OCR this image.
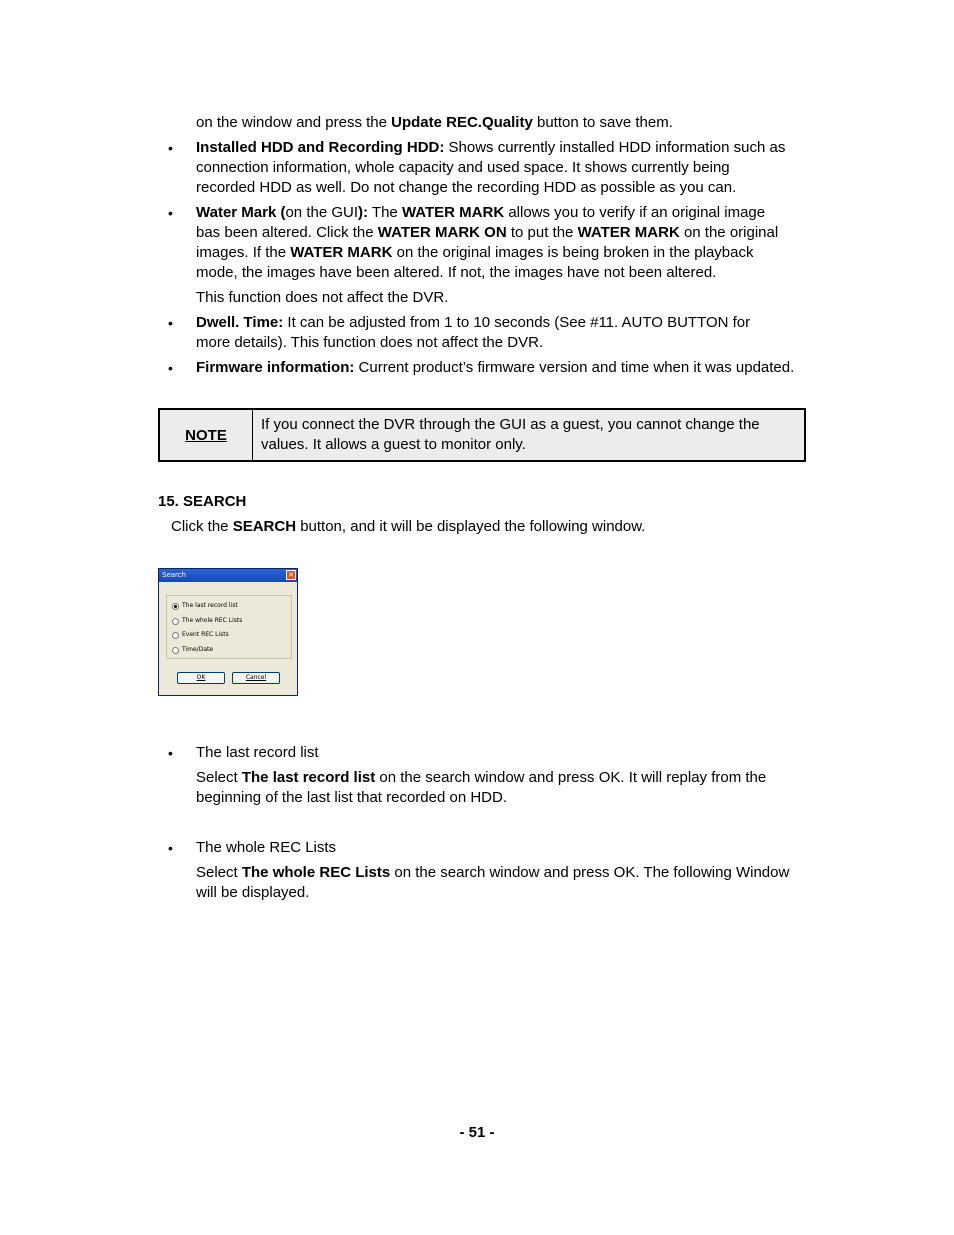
on the window and press the Update REC.Quality button to save them.
• Installed HDD and Recording HDD: Shows currently installed HDD information such as
connection information, whole capacity and used space. It shows currently being
recorded HDD as well. Do not change the recording HDD as possible as you can.
• Water Mark (on the GUI): The WATER MARK allows you to verify if an original image
bas been altered. Click the WATER MARK ON to put the WATER MARK on the original
images. If the WATER MARK on the original images is being broken in the playback
mode, the images have been altered. If not, the images have not been altered.
This function does not affect the DVR.
• Dwell. Time: It can be adjusted from 1 to 10 seconds (See #11. AUTO BUTTON for
more details). This function does not affect the DVR.
• Firmware information: Current product’s firmware version and time when it was updated.
NOTE
If you connect the DVR through the GUI as a guest, you cannot change the
values. It allows a guest to monitor only.
15. SEARCH
Click the SEARCH button, and it will be displayed the following window.
Search	✕
The last record list
The whole REC Lists
Event REC Lists
Time/Date
OK	Cancel
• The last record list
Select The last record list on the search window and press OK. It will replay from the
beginning of the last list that recorded on HDD.
• The whole REC Lists
Select The whole REC Lists on the search window and press OK. The following Window
will be displayed.
- 51 -
